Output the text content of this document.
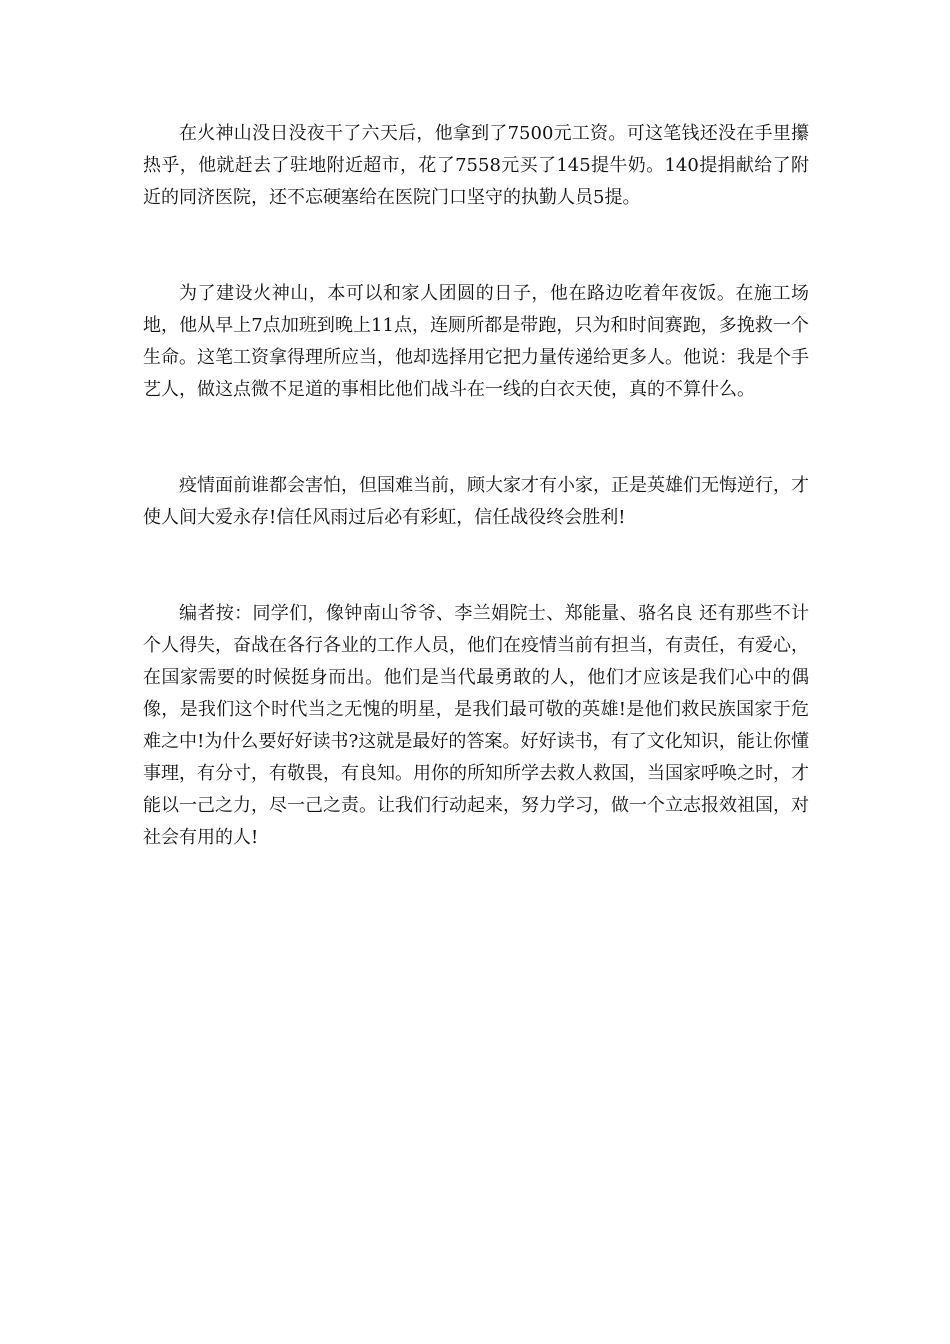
在火神山没日没夜干了六天后，他拿到了7500元工资。可这笔钱还没在手里攥热乎，他就赶去了驻地附近超市，花了7558元买了145提牛奶。140提捐献给了附近的同济医院，还不忘硬塞给在医院门口坚守的执勤人员5提。

为了建设火神山，本可以和家人团圆的日子，他在路边吃着年夜饭。在施工场地，他从早上7点加班到晚上11点，连厕所都是带跑，只为和时间赛跑，多挽救一个生命。这笔工资拿得理所应当，他却选择用它把力量传递给更多人。他说：我是个手艺人，做这点微不足道的事相比他们战斗在一线的白衣天使，真的不算什么。

疫情面前谁都会害怕，但国难当前，顾大家才有小家，正是英雄们无悔逆行，才使人间大爱永存!信任风雨过后必有彩虹，信任战役终会胜利!

编者按：同学们，像钟南山爷爷、李兰娟院士、郑能量、骆名良 还有那些不计个人得失，奋战在各行各业的工作人员，他们在疫情当前有担当，有责任，有爱心，在国家需要的时候挺身而出。他们是当代最勇敢的人，他们才应该是我们心中的偶像，是我们这个时代当之无愧的明星，是我们最可敬的英雄!是他们救民族国家于危难之中!为什么要好好读书?这就是最好的答案。好好读书，有了文化知识，能让你懂事理，有分寸，有敬畏，有良知。用你的所知所学去救人救国，当国家呼唤之时，才能以一己之力，尽一己之责。让我们行动起来，努力学习，做一个立志报效祖国，对社会有用的人!
